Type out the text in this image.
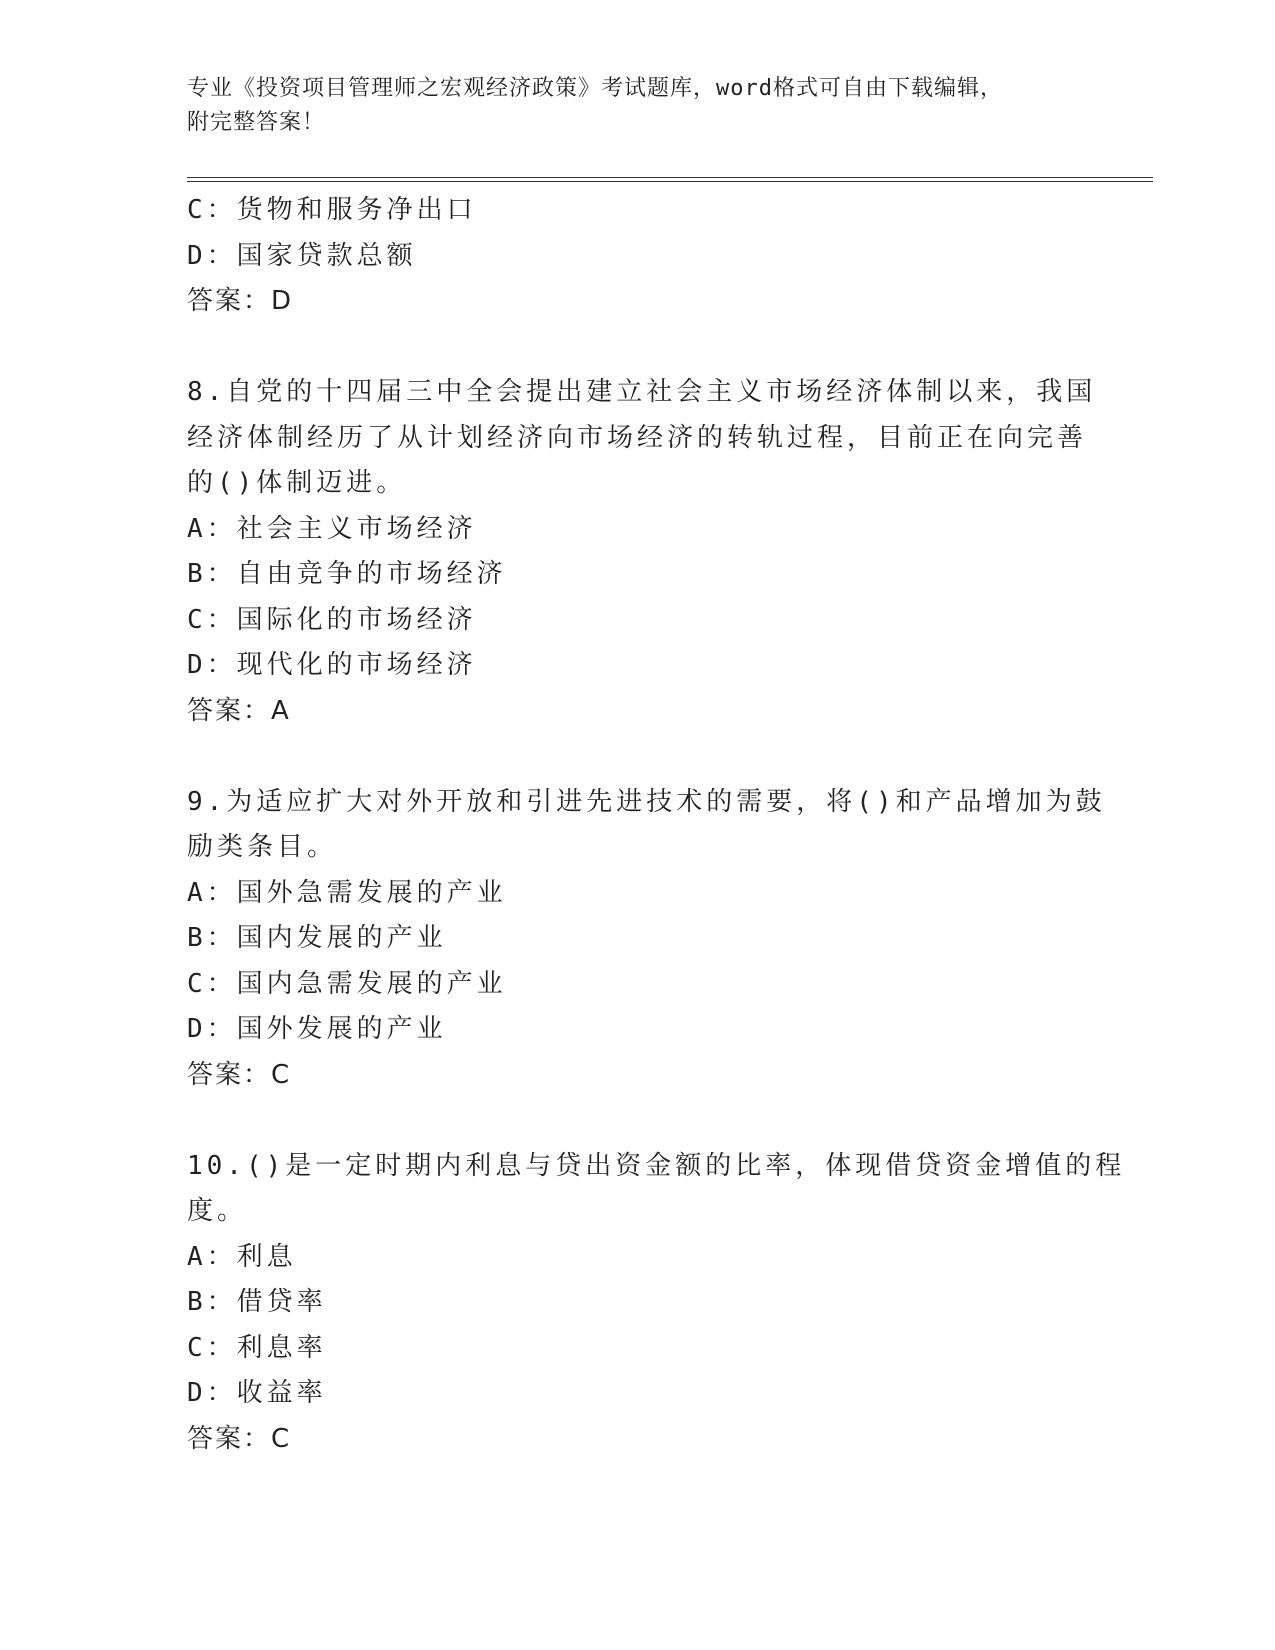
专业《投资项目管理师之宏观经济政策》考试题库，word格式可自由下载编辑，

附完整答案！

C：货物和服务净出口

D：国家贷款总额

答案：D

8.自党的十四届三中全会提出建立社会主义市场经济体制以来，我国

经济体制经历了从计划经济向市场经济的转轨过程，目前正在向完善

的()体制迈进。

A：社会主义市场经济

B：自由竞争的市场经济

C：国际化的市场经济

D：现代化的市场经济

答案：A

9.为适应扩大对外开放和引进先进技术的需要，将()和产品增加为鼓

励类条目。

A：国外急需发展的产业

B：国内发展的产业

C：国内急需发展的产业

D：国外发展的产业

答案：C

10.()是一定时期内利息与贷出资金额的比率，体现借贷资金增值的程

度。

A：利息

B：借贷率

C：利息率

D：收益率

答案：C
